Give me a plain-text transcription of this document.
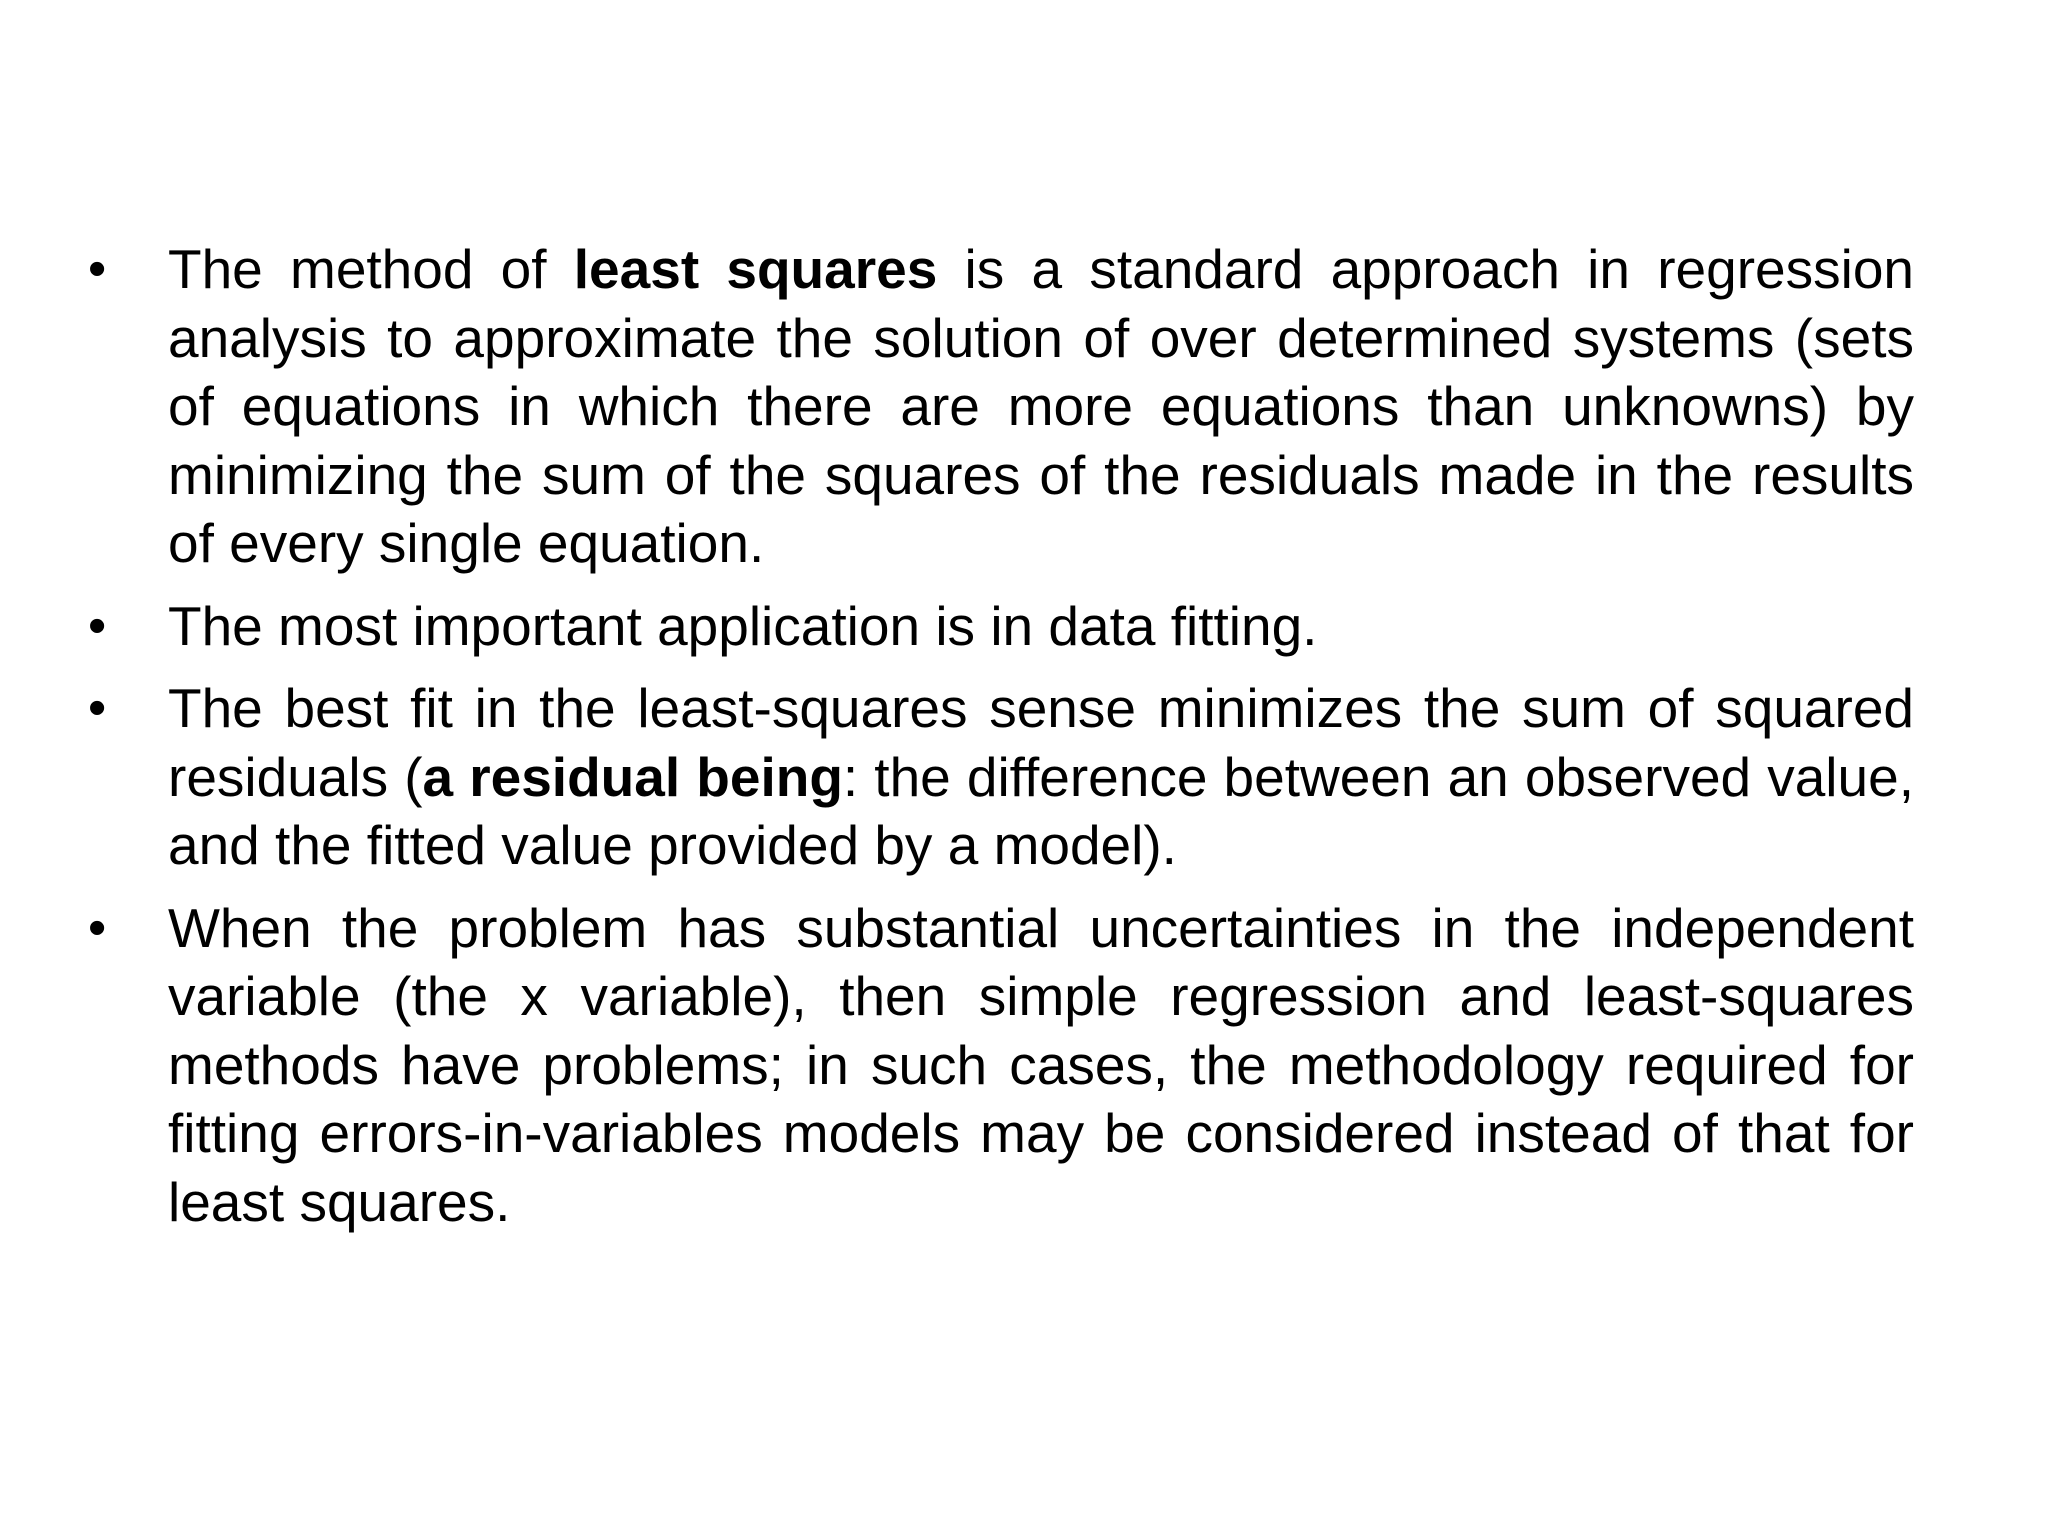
• The method of least squares is a standard approach in regression analysis to approximate the solution of over determined systems (sets of equations in which there are more equations than unknowns) by minimizing the sum of the squares of the residuals made in the results of every single equation.
• The most important application is in data fitting.
• The best fit in the least-squares sense minimizes the sum of squared residuals (a residual being: the difference between an observed value, and the fitted value provided by a model).
• When the problem has substantial uncertainties in the independent variable (the x variable), then simple regression and least-squares methods have problems; in such cases, the methodology required for fitting errors-in-variables models may be considered instead of that for least squares.
